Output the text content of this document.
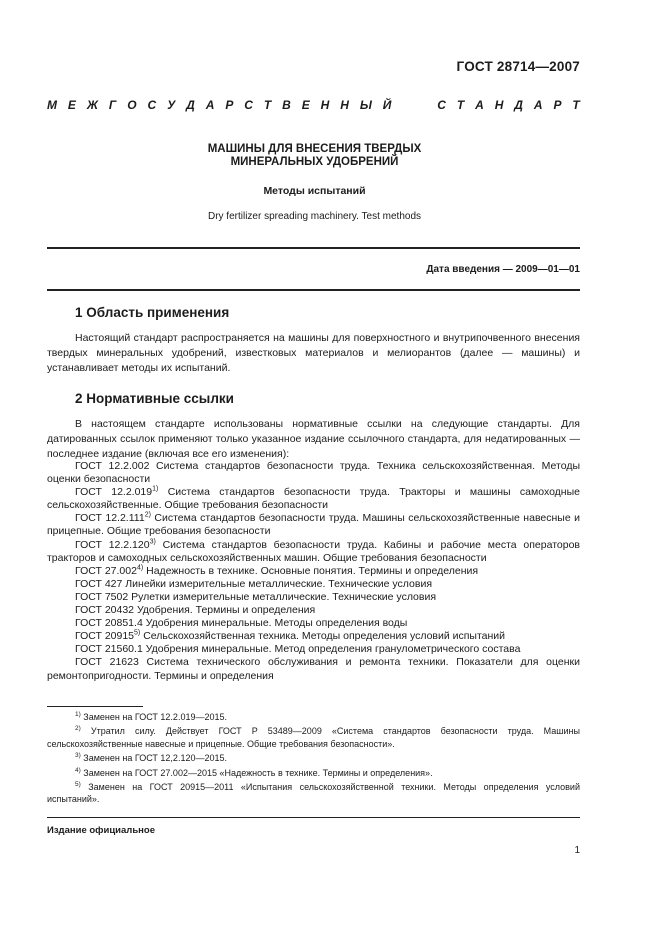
ГОСТ 28714—2007
М Е Ж Г О С У Д А Р С Т В Е Н Н Ы Й	С Т А Н Д А Р Т
МАШИНЫ ДЛЯ ВНЕСЕНИЯ ТВЕРДЫХ
МИНЕРАЛЬНЫХ УДОБРЕНИЙ
Методы испытаний
Dry fertilizer spreading machinery. Test methods
Дата введения — 2009—01—01
1 Область применения
Настоящий стандарт распространяется на машины для поверхностного и внутрипочвенного внесения твердых минеральных удобрений, известковых материалов и мелиорантов (далее — машины) и устанавливает методы их испытаний.
2 Нормативные ссылки
В настоящем стандарте использованы нормативные ссылки на следующие стандарты. Для датированных ссылок применяют только указанное издание ссылочного стандарта, для недатированных — последнее издание (включая все его изменения):
ГОСТ 12.2.002 Система стандартов безопасности труда. Техника сельскохозяйственная. Методы оценки безопасности
ГОСТ 12.2.019$^{1)}$ Система стандартов безопасности труда. Тракторы и машины самоходные сельскохозяйственные. Общие требования безопасности
ГОСТ 12.2.111$^{2)}$ Система стандартов безопасности труда. Машины сельскохозяйственные навесные и прицепные. Общие требования безопасности
ГОСТ 12.2.120$^{3)}$ Система стандартов безопасности труда. Кабины и рабочие места операторов тракторов и самоходных сельскохозяйственных машин. Общие требования безопасности
ГОСТ 27.002$^{4)}$ Надежность в технике. Основные понятия. Термины и определения
ГОСТ 427 Линейки измерительные металлические. Технические условия
ГОСТ 7502 Рулетки измерительные металлические. Технические условия
ГОСТ 20432 Удобрения. Термины и определения
ГОСТ 20851.4 Удобрения минеральные. Методы определения воды
ГОСТ 20915$^{5)}$ Сельскохозяйственная техника. Методы определения условий испытаний
ГОСТ 21560.1 Удобрения минеральные. Метод определения гранулометрического состава
ГОСТ 21623 Система технического обслуживания и ремонта техники. Показатели для оценки ремонтопригодности. Термины и определения
$^{1)}$ Заменен на ГОСТ 12.2.019—2015.
$^{2)}$ Утратил силу. Действует ГОСТ Р 53489—2009 «Система стандартов безопасности труда. Машины сельскохозяйственные навесные и прицепные. Общие требования безопасности».
$^{3)}$ Заменен на ГОСТ 12,2.120—2015.
$^{4)}$ Заменен на ГОСТ 27.002—2015 «Надежность в технике. Термины и определения».
$^{5)}$ Заменен на ГОСТ 20915—2011 «Испытания сельскохозяйственной техники. Методы определения условий испытаний».
Издание официальное
1
